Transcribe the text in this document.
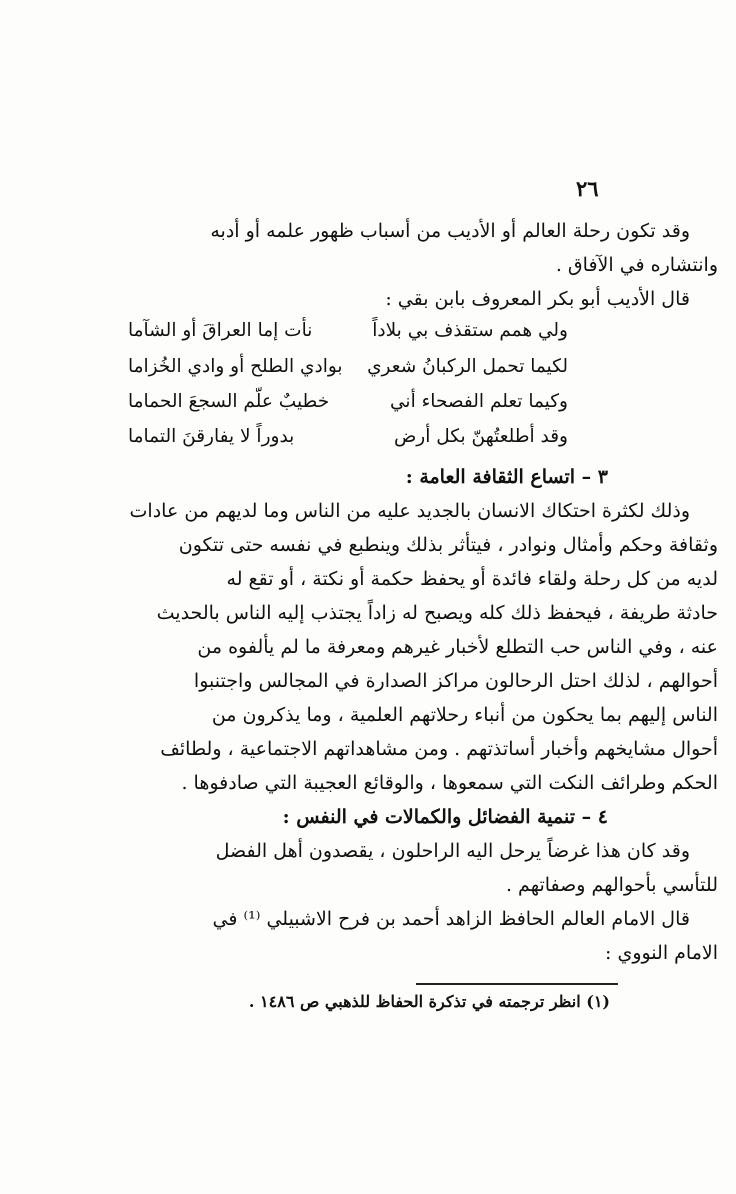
٢٦
وقد تكون رحلة العالم أو الأديب من أسباب ظهور علمه أو أدبه
وانتشاره في الآفاق .
قال الأديب أبو بكر المعروف بابن بقي :
ولي همم ستقذف بي بلاداً
نأت إما العراقَ أو الشآما
لكيما تحمل الركبانُ شعري
بوادي الطلح أو وادي الخُزاما
وكيما تعلم الفصحاء أني
خطيبٌ علّم السجعَ الحماما
وقد أطلعتُهنّ بكل أرض
بدوراً لا يفارقنَ التماما
٣ – اتساع الثقافة العامة :
وذلك لكثرة احتكاك الانسان بالجديد عليه من الناس وما لديهم من عادات
وثقافة وحكم وأمثال ونوادر ، فيتأثر بذلك وينطبع في نفسه حتى تتكون
لديه من كل رحلة ولقاء فائدة أو يحفظ حكمة أو نكتة ، أو تقع له
حادثة طريفة ، فيحفظ ذلك كله ويصبح له زاداً يجتذب إليه الناس بالحديث
عنه ، وفي الناس حب التطلع لأخبار غيرهم ومعرفة ما لم يألفوه من
أحوالهم ، لذلك احتل الرحالون مراكز الصدارة في المجالس واجتنبوا
الناس إليهم بما يحكون من أنباء رحلاتهم العلمية ، وما يذكرون من
أحوال مشايخهم وأخبار أساتذتهم . ومن مشاهداتهم الاجتماعية ، ولطائف
الحكم وطرائف النكت التي سمعوها ، والوقائع العجيبة التي صادفوها .
٤ – تنمية الفضائل والكمالات في النفس :
وقد كان هذا غرضاً يرحل اليه الراحلون ، يقصدون أهل الفضل
للتأسي بأحوالهم وصفاتهم .
قال الامام العالم الحافظ الزاهد أحمد بن فرح الاشبيلي ⁽¹⁾ في
الامام النووي :
(١) انظر ترجمته في تذكرة الحفاظ للذهبي ص ١٤٨٦ .
